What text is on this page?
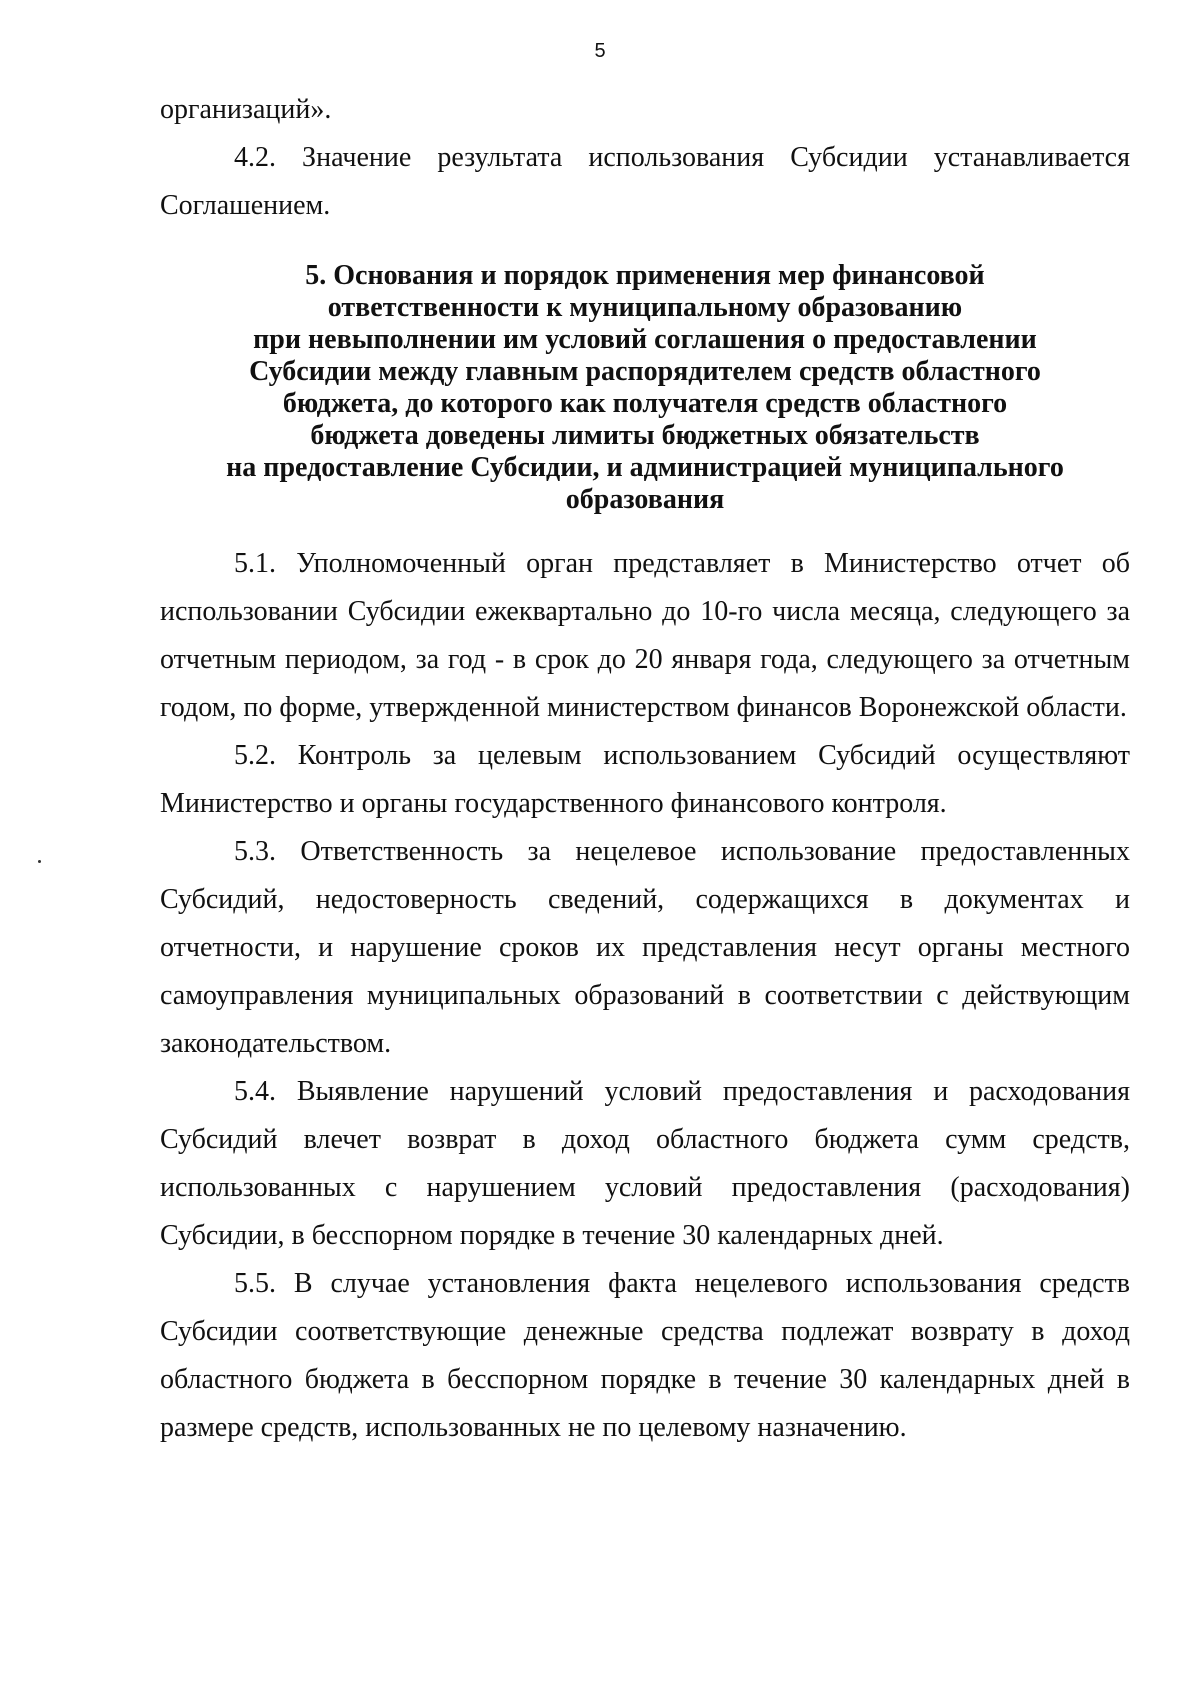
5

организаций».

4.2. Значение результата использования Субсидии устанавливается Соглашением.

5. Основания и порядок применения мер финансовой
ответственности к муниципальному образованию
при невыполнении им условий соглашения о предоставлении
Субсидии между главным распорядителем средств областного
бюджета, до которого как получателя средств областного
бюджета доведены лимиты бюджетных обязательств
на предоставление Субсидии, и администрацией муниципального
образования

5.1. Уполномоченный орган представляет в Министерство отчет об использовании Субсидии ежеквартально до 10-го числа месяца, следующего за отчетным периодом, за год - в срок до 20 января года, следующего за отчетным годом, по форме, утвержденной министерством финансов Воронежской области.

5.2. Контроль за целевым использованием Субсидий осуществляют Министерство и органы государственного финансового контроля.

5.3. Ответственность за нецелевое использование предоставленных Субсидий, недостоверность сведений, содержащихся в документах и отчетности, и нарушение сроков их представления несут органы местного самоуправления муниципальных образований в соответствии с действующим законодательством.

5.4. Выявление нарушений условий предоставления и расходования Субсидий влечет возврат в доход областного бюджета сумм средств, использованных с нарушением условий предоставления (расходования) Субсидии, в бесспорном порядке в течение 30 календарных дней.

5.5. В случае установления факта нецелевого использования средств Субсидии соответствующие денежные средства подлежат возврату в доход областного бюджета в бесспорном порядке в течение 30 календарных дней в размере средств, использованных не по целевому назначению.
